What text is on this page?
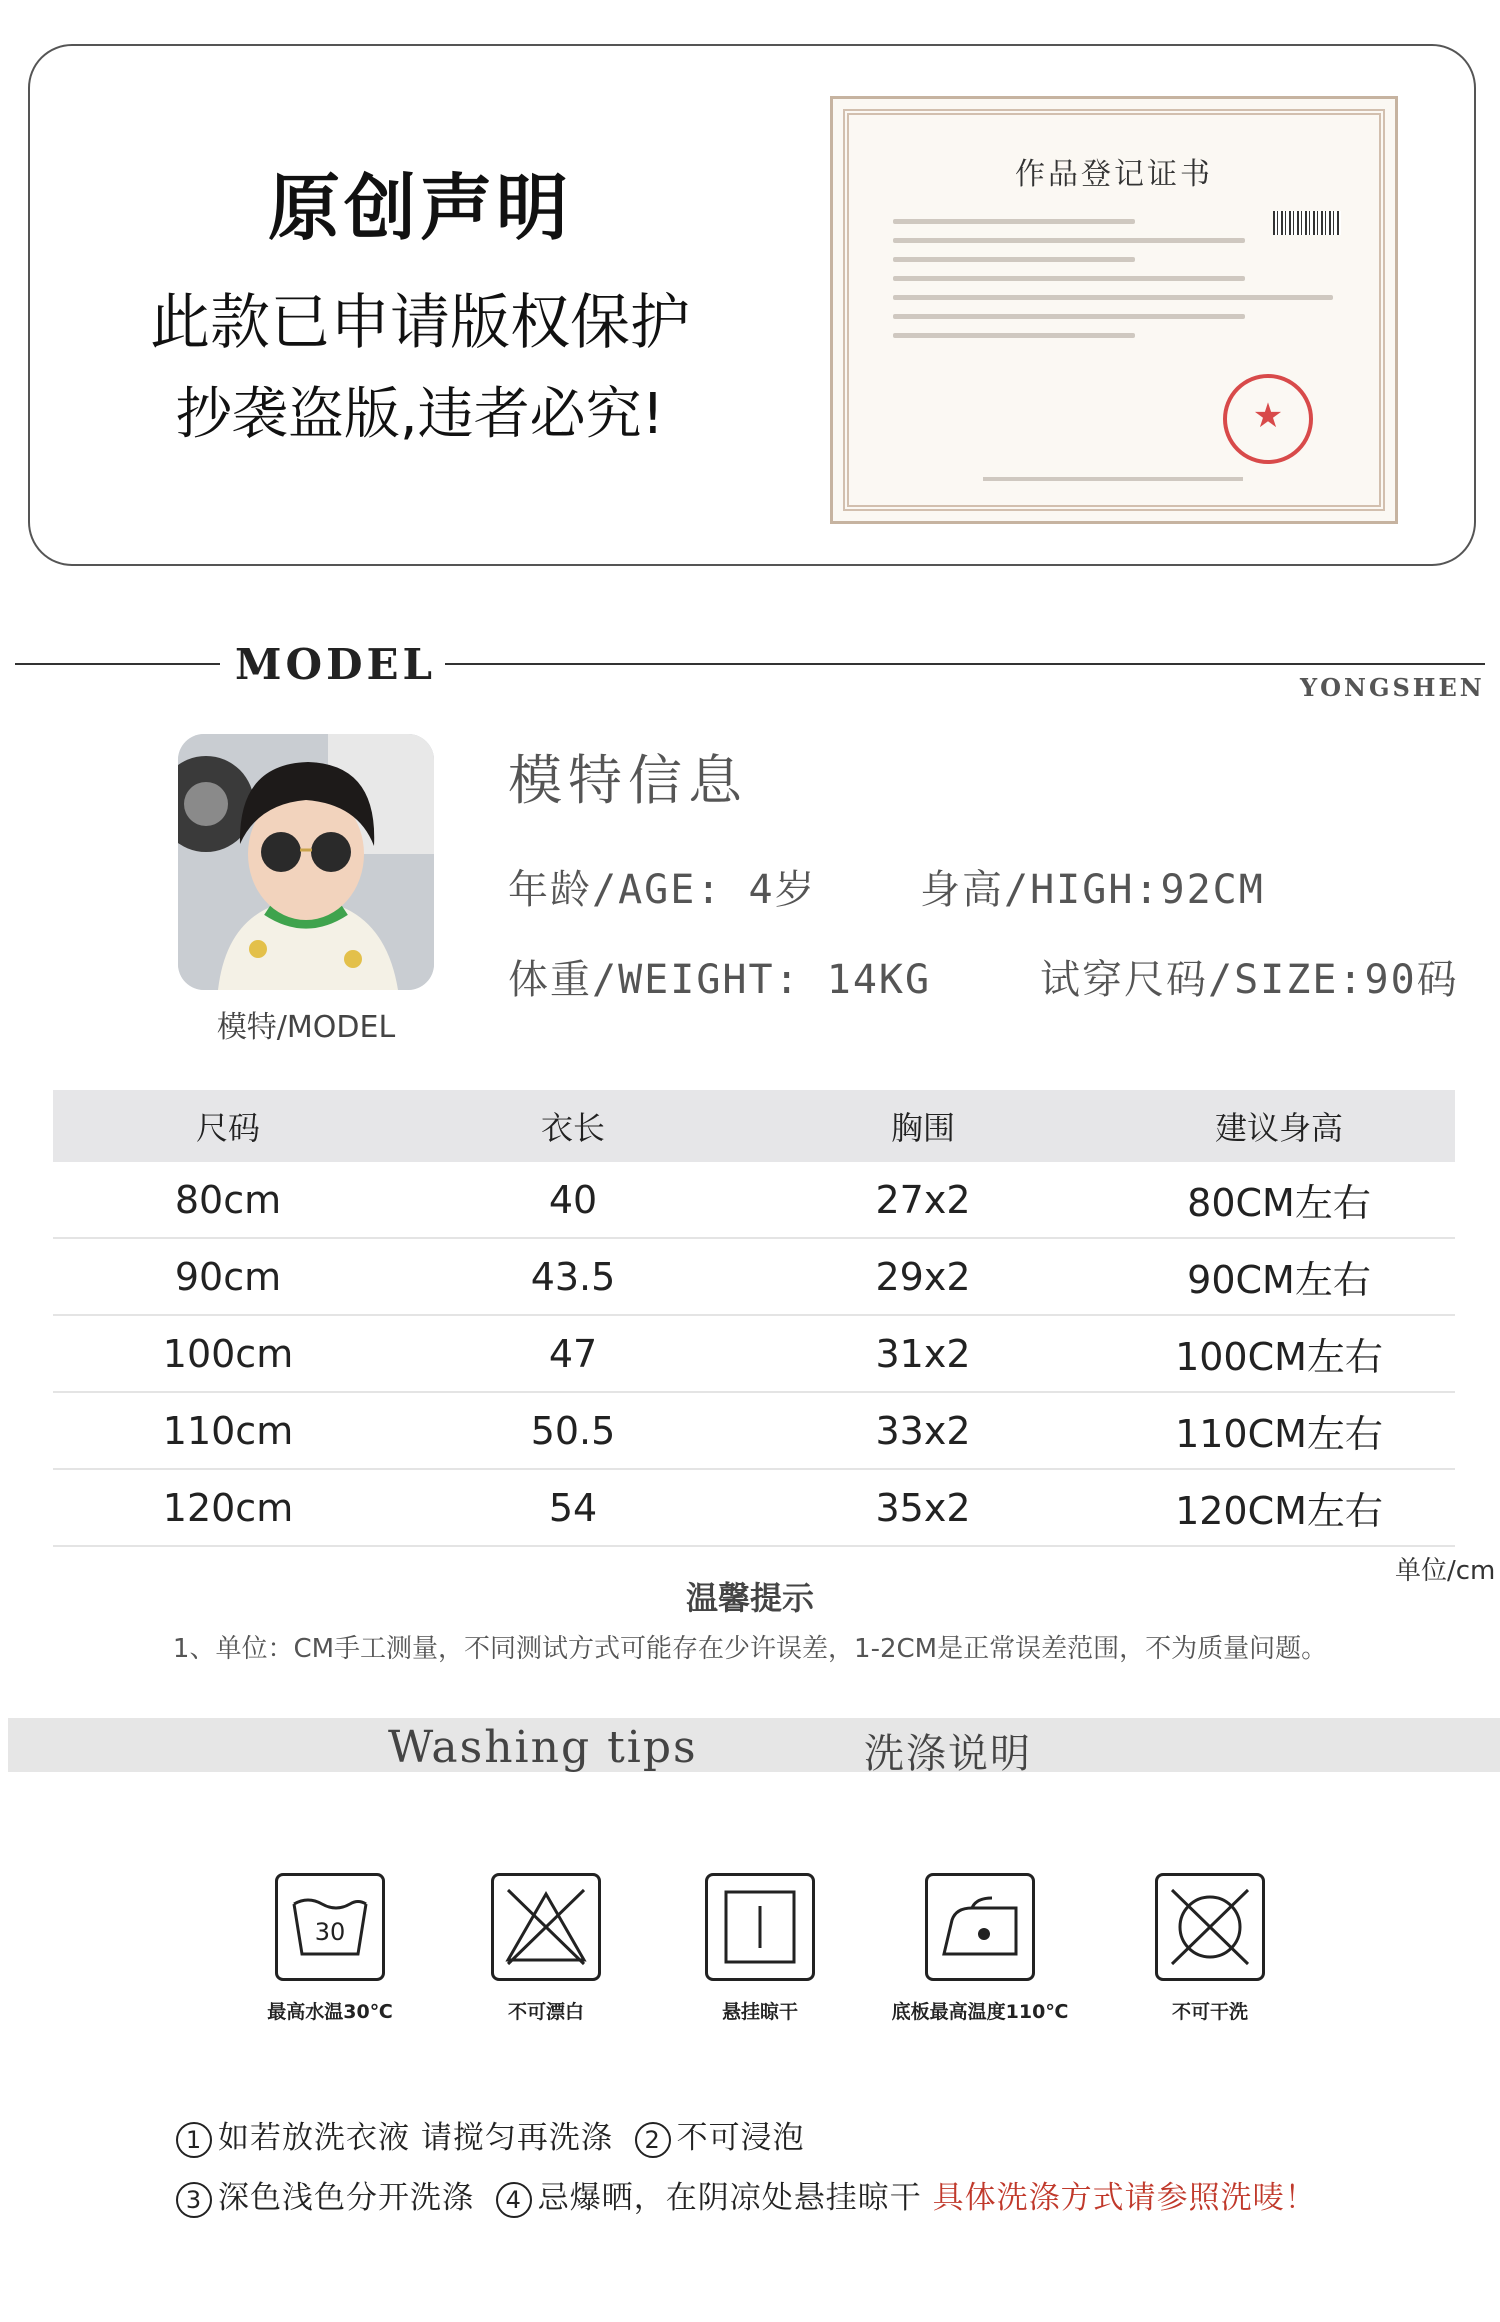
原创声明
此款已申请版权保护
抄袭盗版,违者必究!
作品登记证书
★
MODEL	YONGSHEN
模特/MODEL
模特信息
年龄/AGE: 4岁	身高/HIGH:92CM
体重/WEIGHT: 14KG	试穿尺码/SIZE:90码
尺码	衣长	胸围	建议身高
80cm	40	27x2	80CM左右
90cm	43.5	29x2	90CM左右
100cm	47	31x2	100CM左右
110cm	50.5	33x2	110CM左右
120cm	54	35x2	120CM左右
单位/cm
温馨提示
1、单位：CM手工测量，不同测试方式可能存在少许误差，1-2CM是正常误差范围，不为质量问题。
Washing tips	洗涤说明
30
最高水温30℃	不可漂白	悬挂晾干	底板最高温度110℃	不可干洗
1 如若放洗衣液 请搅匀再洗涤 2 不可浸泡
3 深色浅色分开洗涤 4 忌爆晒，在阴凉处悬挂晾干 具体洗涤方式请参照洗唛！
